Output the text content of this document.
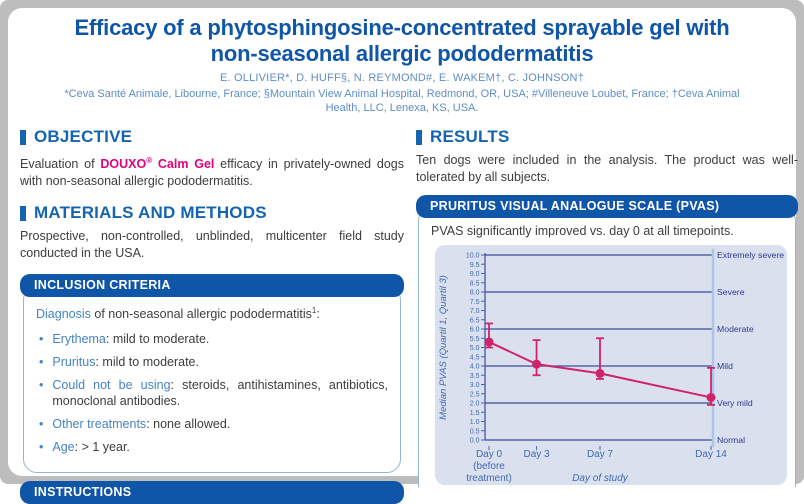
Efficacy of a phytosphingosine-concentrated sprayable gel with
non-seasonal allergic pododermatitis
E. OLLIVIER*, D. HUFF§, N. REYMOND#, E. WAKEM†, C. JOHNSON†
*Ceva Santé Animale, Libourne, France; §Mountain View Animal Hospital, Redmond, OR, USA; #Villeneuve Loubet, France; †Ceva Animal
Health, LLC, Lenexa, KS, USA.
OBJECTIVE

Evaluation of DOUXO® Calm Gel efficacy in privately-owned dogs with non-seasonal allergic pododermatitis.

MATERIALS AND METHODS

Prospective, non-controlled, unblinded, multicenter field study conducted in the USA.

INCLUSION CRITERIA
Diagnosis of non-seasonal allergic pododermatitis$^1$:
• Erythema: mild to moderate.
• Pruritus: mild to moderate.
• Could not be using: steroids, antihistamines, antibiotics, monoclonal antibodies.
• Other treatments: none allowed.
• Age: > 1 year.
INSTRUCTIONS
RESULTS

Ten dogs were included in the analysis. The product was well-tolerated by all subjects.

PRURITUS VISUAL ANALOGUE SCALE (PVAS)
PVAS significantly improved vs. day 0 at all timepoints.
0.0
0.5
1.0
1.5
2.0
2.5
3.0
3.5
4.0
4.5
5.0
5.5
6.0
6.5
7.0
7.5
8.0
8.5
9.0
9.5
10.0	Extremely severe
Severe
Moderate
Mild
Very mild
Normal
Day 0 Day 3	Day 7	Day 14
(before
treatment)	Day of study
Median PVAS (Quartil 1, Quartil 3)
